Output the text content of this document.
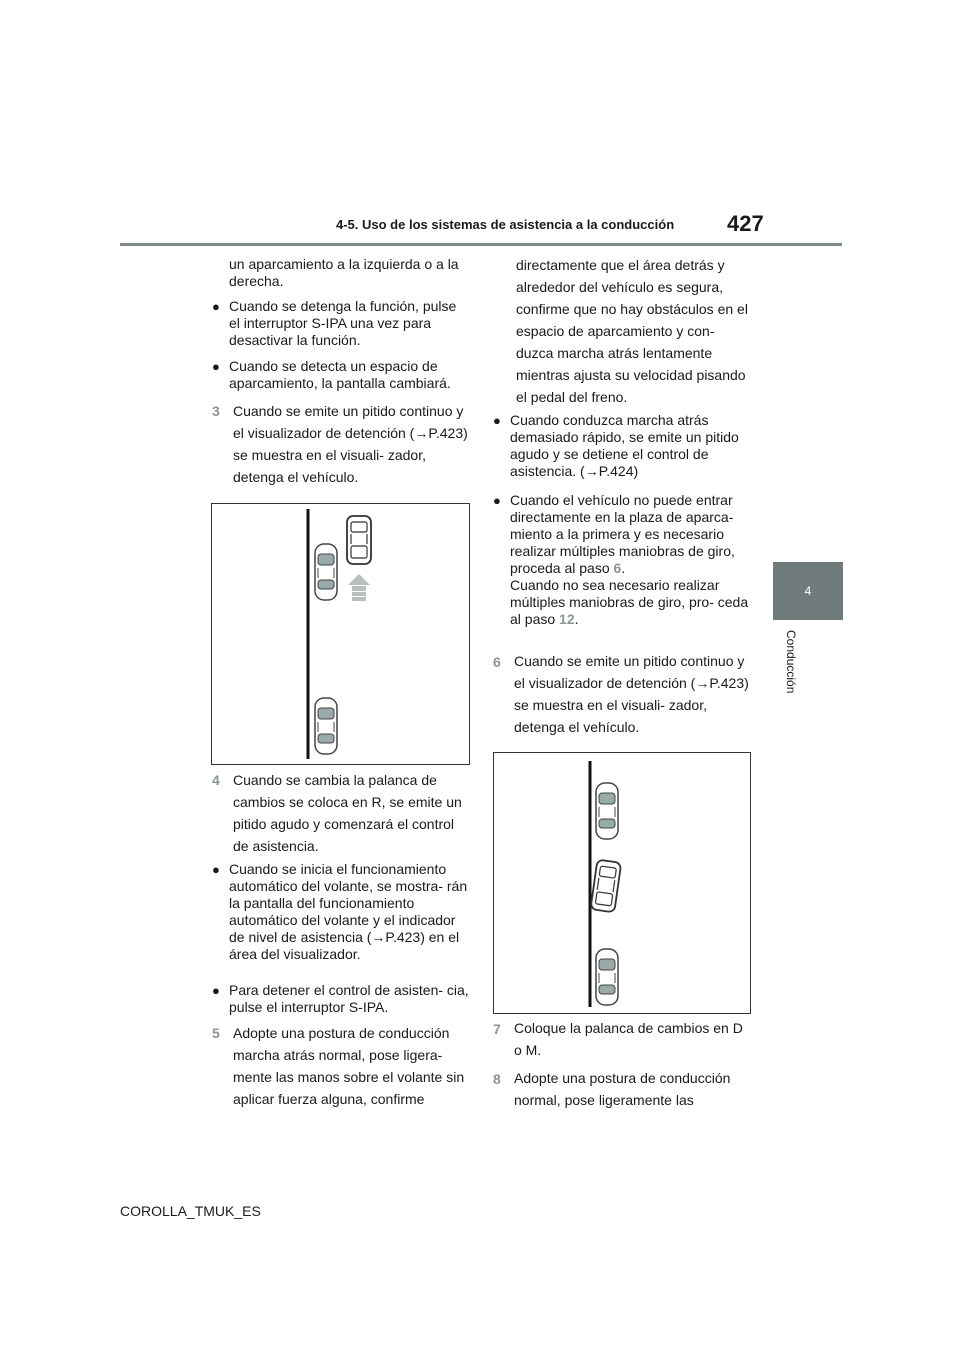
4-5. Uso de los sistemas de asistencia a la conducción 427
4
Conducción
un aparcamiento a la izquierda o a la derecha.
● Cuando se detenga la función, pulse el interruptor S-IPA una vez para desactivar la función.
● Cuando se detecta un espacio de aparcamiento, la pantalla cambiará.
3 Cuando se emite un pitido continuo y el visualizador de detención (→P.423) se muestra en el visuali- zador, detenga el vehículo.
4 Cuando se cambia la palanca de cambios se coloca en R, se emite un pitido agudo y comenzará el control de asistencia.
● Cuando se inicia el funcionamiento automático del volante, se mostra- rán la pantalla del funcionamiento automático del volante y el indicador de nivel de asistencia (→P.423) en el área del visualizador.
● Para detener el control de asisten- cia, pulse el interruptor S-IPA.
5 Adopte una postura de conducción marcha atrás normal, pose ligera- mente las manos sobre el volante sin aplicar fuerza alguna, confirme
directamente que el área detrás y alrededor del vehículo es segura, confirme que no hay obstáculos en el espacio de aparcamiento y con- duzca marcha atrás lentamente mientras ajusta su velocidad pisando el pedal del freno.
● Cuando conduzca marcha atrás demasiado rápido, se emite un pitido agudo y se detiene el control de asistencia. (→P.424)
● Cuando el vehículo no puede entrar directamente en la plaza de aparca- miento a la primera y es necesario realizar múltiples maniobras de giro, proceda al paso 6.
Cuando no sea necesario realizar múltiples maniobras de giro, pro- ceda al paso 12.
6 Cuando se emite un pitido continuo y el visualizador de detención (→P.423) se muestra en el visuali- zador, detenga el vehículo.
7 Coloque la palanca de cambios en D o M.
8 Adopte una postura de conducción normal, pose ligeramente las
COROLLA_TMUK_ES
